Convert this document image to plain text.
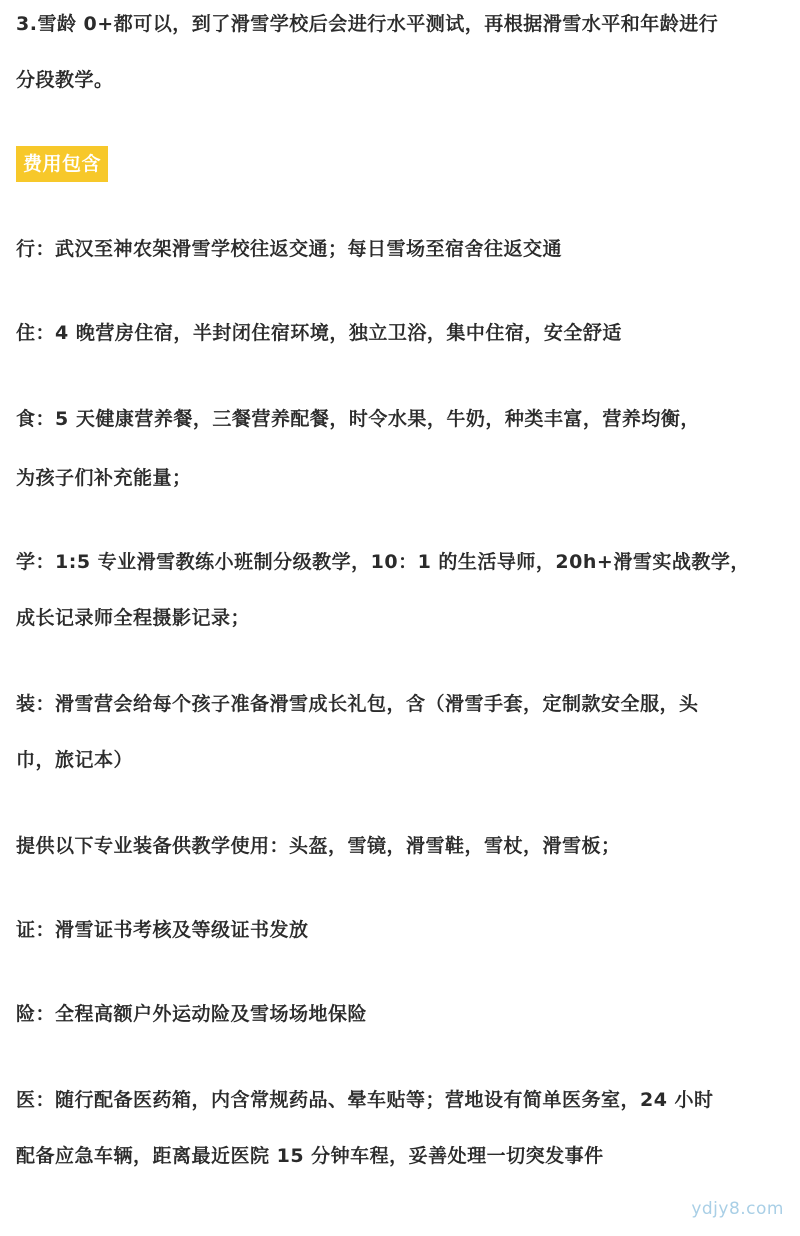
3.雪龄 0+都可以，到了滑雪学校后会进行水平测试，再根据滑雪水平和年龄进行
分段教学。
费用包含
行：武汉至神农架滑雪学校往返交通；每日雪场至宿舍往返交通
住：4 晚营房住宿，半封闭住宿环境，独立卫浴，集中住宿，安全舒适
食：5 天健康营养餐，三餐营养配餐，时令水果，牛奶，种类丰富，营养均衡，
为孩子们补充能量；
学：1:5 专业滑雪教练小班制分级教学，10：1 的生活导师，20h+滑雪实战教学，
成长记录师全程摄影记录；
装：滑雪营会给每个孩子准备滑雪成长礼包，含（滑雪手套，定制款安全服，头
巾，旅记本）
提供以下专业装备供教学使用：头盔，雪镜，滑雪鞋，雪杖，滑雪板；
证：滑雪证书考核及等级证书发放
险：全程高额户外运动险及雪场场地保险
医：随行配备医药箱，内含常规药品、晕车贴等；营地设有简单医务室，24 小时
配备应急车辆，距离最近医院 15 分钟车程，妥善处理一切突发事件
ydjy8.com
